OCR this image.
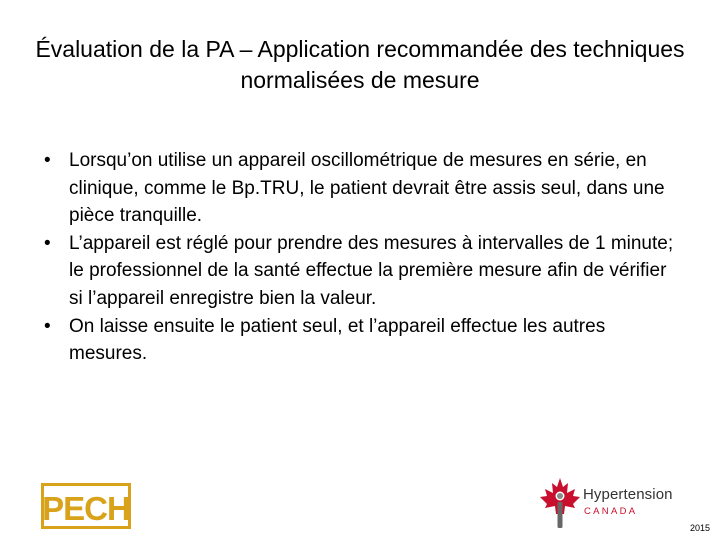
Évaluation de la PA – Application recommandée des techniques normalisées de mesure
• Lorsqu’on utilise un appareil oscillométrique de mesures en série, en clinique, comme le Bp.TRU, le patient devrait être assis seul, dans une pièce tranquille.
• L’appareil est réglé pour prendre des mesures à intervalles de 1 minute; le professionnel de la santé effectue la première mesure afin de vérifier si l’appareil enregistre bien la valeur.
• On laisse ensuite le patient seul, et l’appareil effectue les autres mesures.
PECH	Hypertension
CANADA
2015
